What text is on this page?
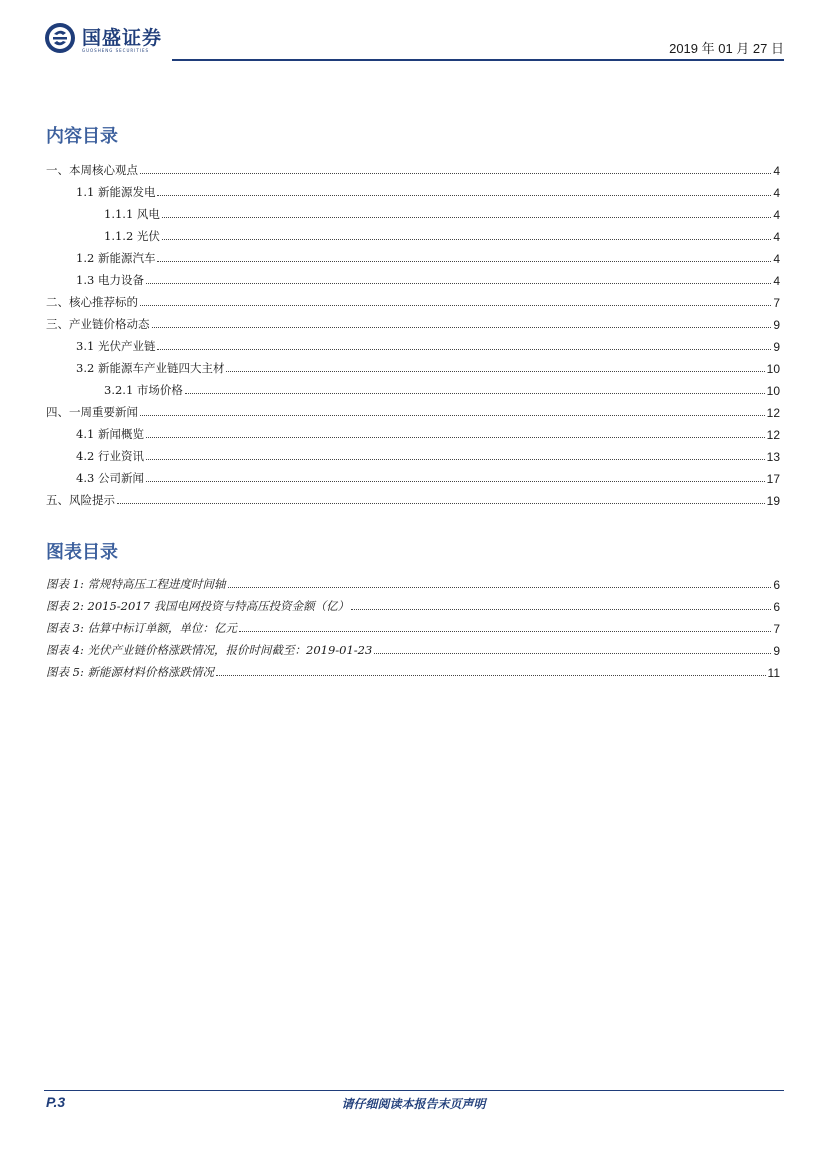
国盛证券
GUOSHENG SECURITIES	2019 年 01 月 27 日
内容目录
一、本周核心观点	4
1.1 新能源发电	4
1.1.1 风电	4
1.1.2 光伏	4
1.2 新能源汽车	4
1.3 电力设备	4
二、核心推荐标的	7
三、产业链价格动态	9
3.1 光伏产业链	9
3.2 新能源车产业链四大主材	10
3.2.1 市场价格	10
四、一周重要新闻	12
4.1 新闻概览	12
4.2 行业资讯	13
4.3 公司新闻	17
五、风险提示	19
图表目录
图表 1: 常规特高压工程进度时间轴	6
图表 2: 2015-2017 我国电网投资与特高压投资金额（亿）	6
图表 3: 估算中标订单额，单位：亿元	7
图表 4: 光伏产业链价格涨跌情况，报价时间截至：2019-01-23	9
图表 5: 新能源材料价格涨跌情况	11
P.3	请仔细阅读本报告末页声明
